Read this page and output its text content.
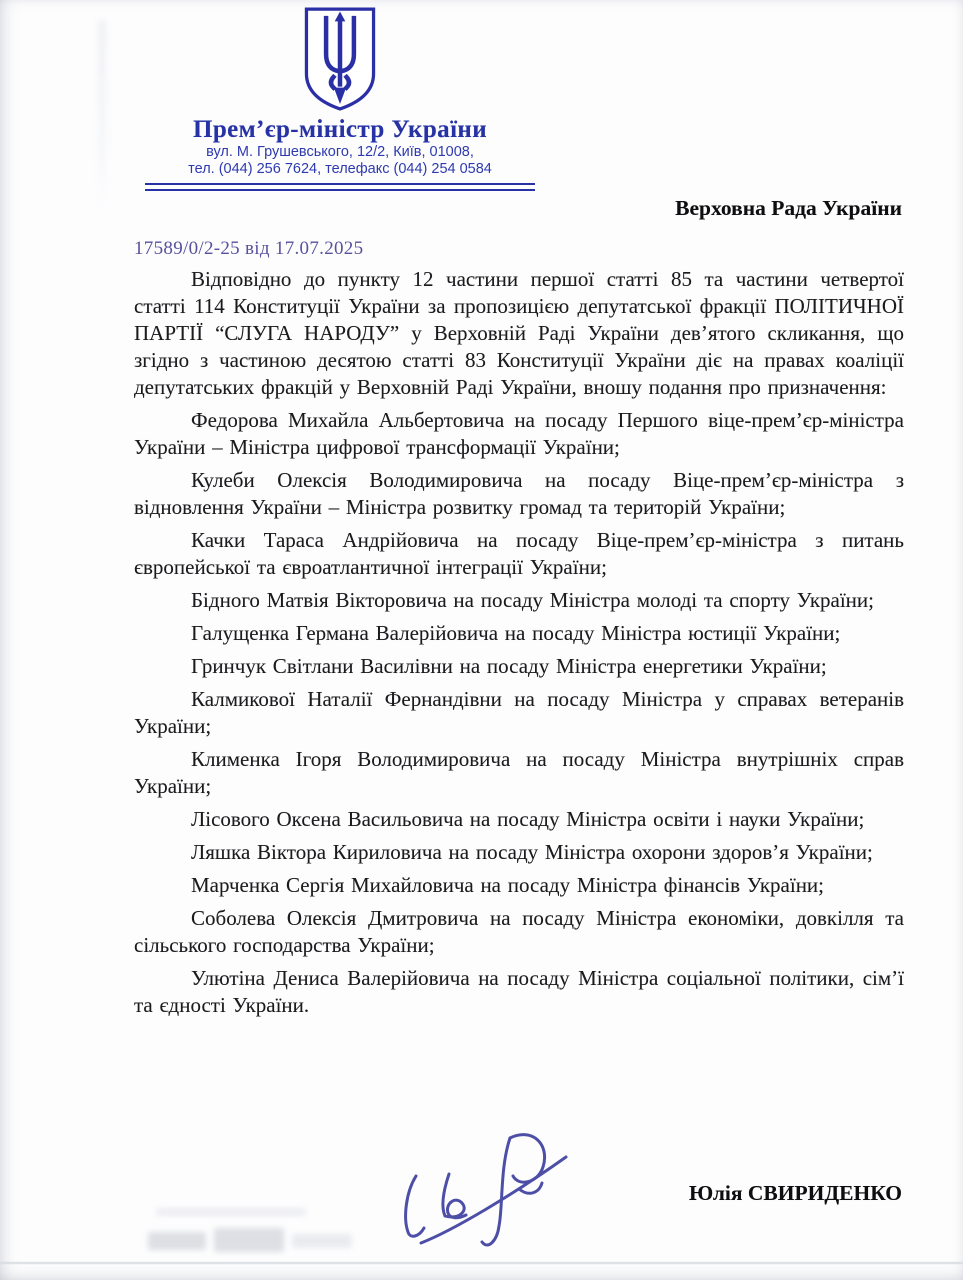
Прем’єр-міністр України
вул. М. Грушевського, 12/2, Київ, 01008,
тел. (044) 256 7624, телефакс (044) 254 0584
Верховна Рада України
17589/0/2-25 від 17.07.2025

Відповідно до пункту 12 частини першої статті 85 та частини четвертої статті 114 Конституції України за пропозицією депутатської фракції ПОЛІТИЧНОЇ ПАРТІЇ “СЛУГА НАРОДУ” у Верховній Раді України дев’ятого скликання, що згідно з частиною десятою статті 83 Конституції України діє на правах коаліції депутатських фракцій у Верховній Раді України, вношу подання про призначення:

Федорова Михайла Альбертовича на посаду Першого віце-прем’єр-міністра України – Міністра цифрової трансформації України;

Кулеби Олексія Володимировича на посаду Віце-прем’єр-міністра з відновлення України – Міністра розвитку громад та територій України;

Качки Тараса Андрійовича на посаду Віце-прем’єр-міністра з питань європейської та євроатлантичної інтеграції України;

Бідного Матвія Вікторовича на посаду Міністра молоді та спорту України;

Галущенка Германа Валерійовича на посаду Міністра юстиції України;

Гринчук Світлани Василівни на посаду Міністра енергетики України;

Калмикової Наталії Фернандівни на посаду Міністра у справах ветеранів України;

Клименка Ігоря Володимировича на посаду Міністра внутрішніх справ України;

Лісового Оксена Васильовича на посаду Міністра освіти і науки України;

Ляшка Віктора Кириловича на посаду Міністра охорони здоров’я України;

Марченка Сергія Михайловича на посаду Міністра фінансів України;

Соболева Олексія Дмитровича на посаду Міністра економіки, довкілля та сільського господарства України;

Улютіна Дениса Валерійовича на посаду Міністра соціальної політики, сім’ї та єдності України.

Юлія СВИРИДЕНКО
